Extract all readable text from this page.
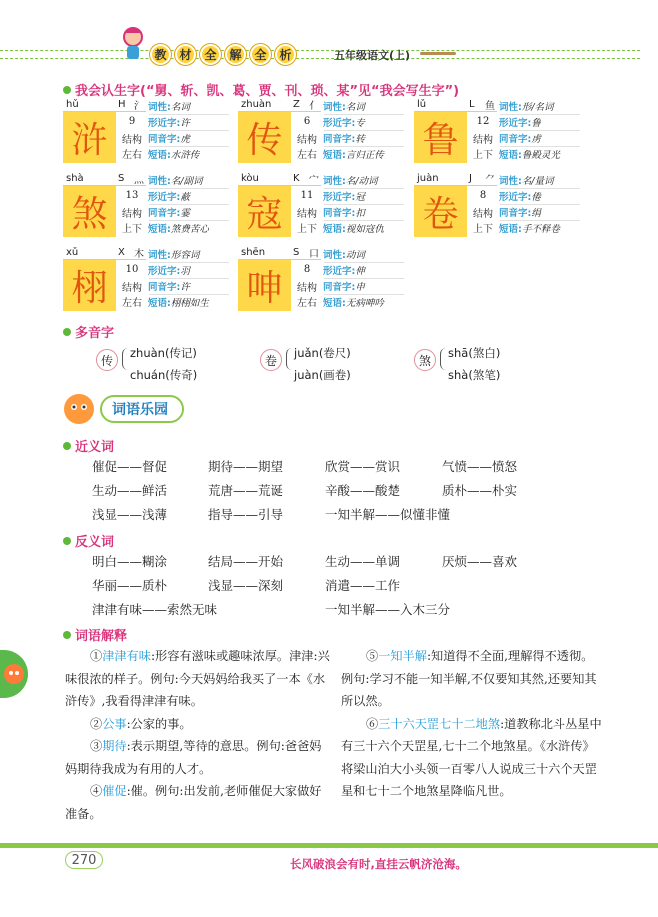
教	材	全	解	全	析	五年级语文(上)
我会认生字(“舅、斩、凯、葛、贾、刊、琐、某”见“我会写生字”)
hǔ	H 氵
浒	9
结构
左右
词性:名词
形近字:许
同音字:虎
短语:水浒传
zhuàn Z 亻
传	6
结构
左右
词性:名词
形近字:专
同音字:转
短语:言归正传
lǔ	L 鱼
鲁	12
结构
上下
词性:形/名词
形近字:鲁
同音字:虏
短语:鲁殿灵光
shà	S 灬
煞	13
结构
上下
词性:名/副词
形近字:蔽
同音字:霎
短语:煞费苦心
kòu	K 宀
寇	11
结构
上下
词性:名/动词
形近字:冠
同音字:扣
短语:视如寇仇
juàn	J ⺈
卷	8
结构
上下
词性:名/量词
形近字:倦
同音字:绢
短语:手不释卷
xǔ	X 木
栩	10
结构
左右
词性:形容词
形近字:羽
同音字:许
短语:栩栩如生
shēn	S 口
呻	8
结构
左右
词性:动词
形近字:伸
同音字:申
短语:无病呻吟
多音字
传
zhuàn(传记)
chuán(传奇)
卷
juǎn(卷尺)
juàn(画卷)
煞
shā(煞白)
shà(煞笔)
词语乐园
近义词
催促——督促	期待——期望	欣赏——赏识	气愤——愤怒
生动——鲜活	荒唐——荒诞	辛酸——酸楚	质朴——朴实
浅显——浅薄	指导——引导	一知半解——似懂非懂
反义词
明白——糊涂	结局——开始	生动——单调	厌烦——喜欢
华丽——质朴	浅显——深刻	消遣——工作
津津有味——索然无味	一知半解——入木三分
词语解释

①津津有味:形容有滋味或趣味浓厚。津津:兴味很浓的样子。例句:今天妈妈给我买了一本《水浒传》,我看得津津有味。

②公事:公家的事。

③期待:表示期望,等待的意思。例句:爸爸妈妈期待我成为有用的人才。

④催促:催。例句:出发前,老师催促大家做好准备。

⑤一知半解:知道得不全面,理解得不透彻。例句:学习不能一知半解,不仅要知其然,还要知其所以然。

⑥三十六天罡七十二地煞:道教称北斗丛星中有三十六个天罡星,七十二个地煞星。《水浒传》将梁山泊大小头领一百零八人说成三十六个天罡星和七十二个地煞星降临凡世。

270	长风破浪会有时,直挂云帆济沧海。
